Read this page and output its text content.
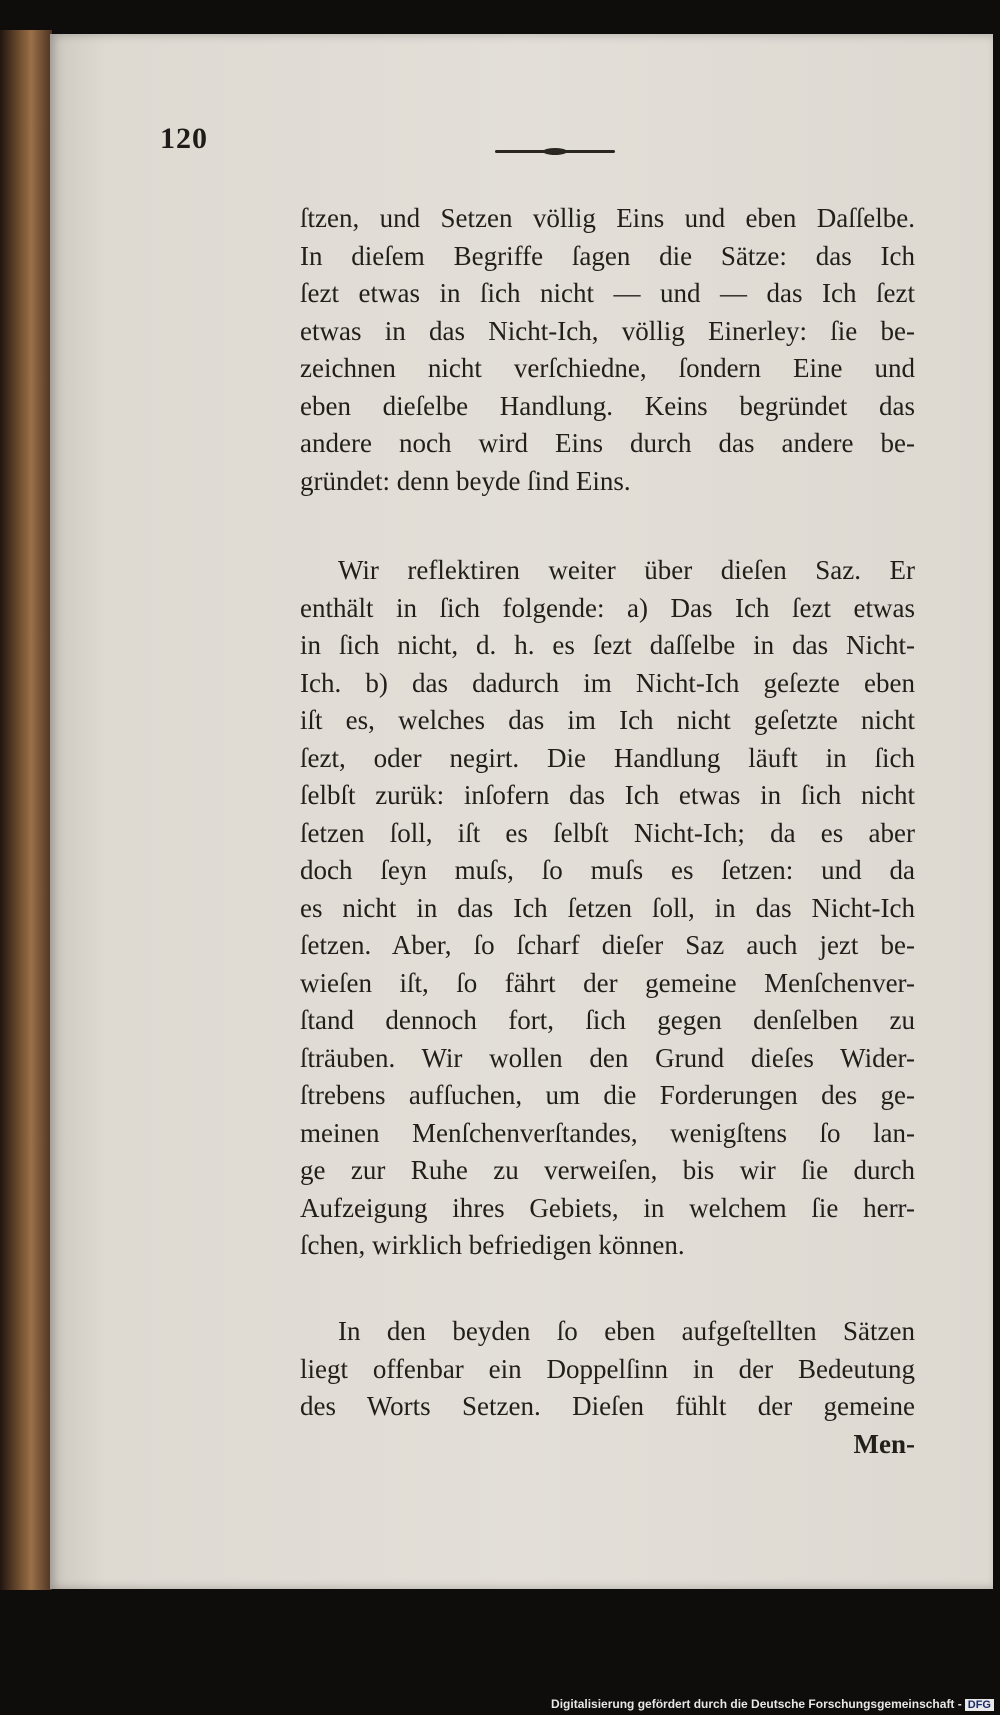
120
ſtzen, und Setzen völlig Eins und eben Daſſelbe.
In dieſem Begriffe ſagen die Sätze: das Ich
ſezt etwas in ſich nicht — und — das Ich ſezt
etwas in das Nicht-Ich, völlig Einerley: ſie be-
zeichnen nicht verſchiedne, ſondern Eine und
eben dieſelbe Handlung. Keins begründet das
andere noch wird Eins durch das andere be-
gründet: denn beyde ſind Eins.
Wir reflektiren weiter über dieſen Saz. Er
enthält in ſich folgende: a) Das Ich ſezt etwas
in ſich nicht, d. h. es ſezt daſſelbe in das Nicht-
Ich. b) das dadurch im Nicht-Ich geſezte eben
iſt es, welches das im Ich nicht geſetzte nicht
ſezt, oder negirt. Die Handlung läuft in ſich
ſelbſt zurük: inſofern das Ich etwas in ſich nicht
ſetzen ſoll, iſt es ſelbſt Nicht-Ich; da es aber
doch ſeyn muſs, ſo muſs es ſetzen: und da
es nicht in das Ich ſetzen ſoll, in das Nicht-Ich
ſetzen. Aber, ſo ſcharf dieſer Saz auch jezt be-
wieſen iſt, ſo fährt der gemeine Menſchenver-
ſtand dennoch fort, ſich gegen denſelben zu
ſträuben. Wir wollen den Grund dieſes Wider-
ſtrebens aufſuchen, um die Forderungen des ge-
meinen Menſchenverſtandes, wenigſtens ſo lan-
ge zur Ruhe zu verweiſen, bis wir ſie durch
Aufzeigung ihres Gebiets, in welchem ſie herr-
ſchen, wirklich befriedigen können.
In den beyden ſo eben aufgeſtellten Sätzen
liegt offenbar ein Doppelſinn in der Bedeutung
des Worts Setzen. Dieſen fühlt der gemeine
Men-
Digitalisierung gefördert durch die Deutsche Forschungsgemeinschaft - DFG
